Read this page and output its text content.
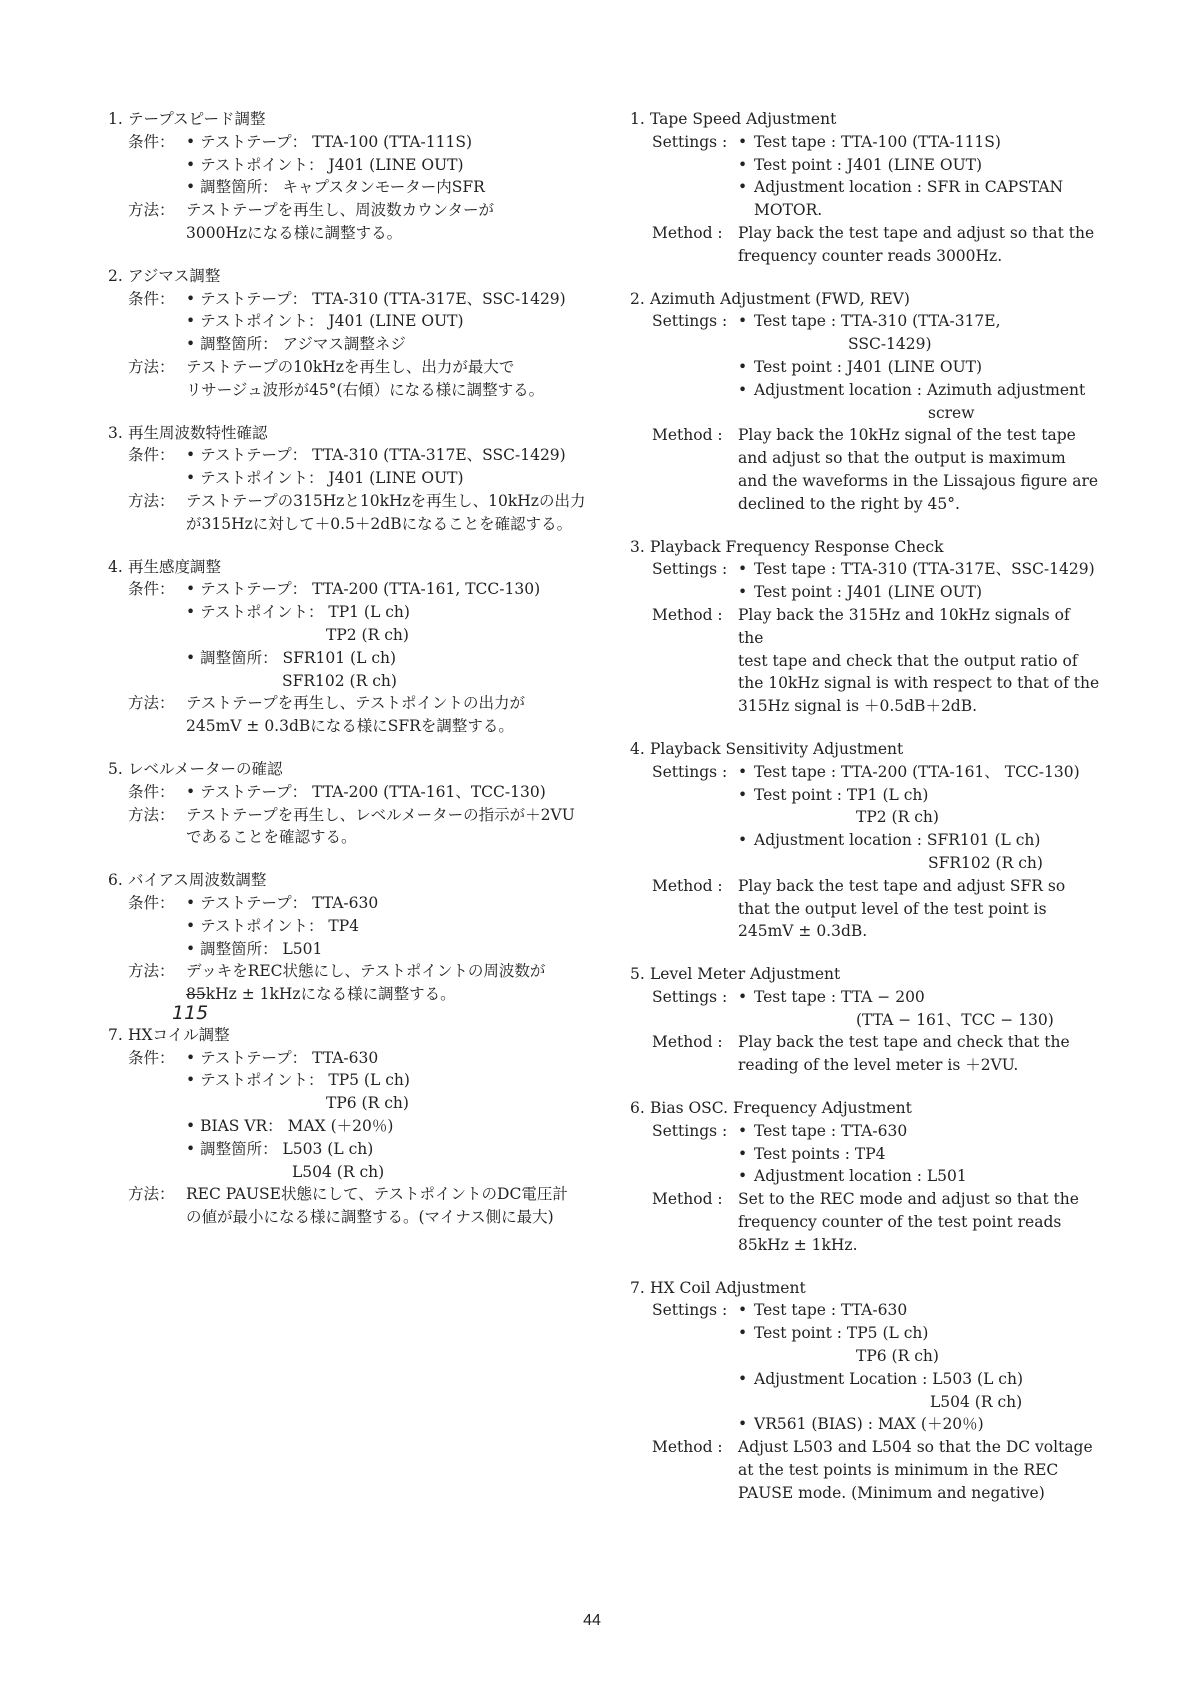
1. テープスピード調整
条件： • テストテープ： TTA-100 (TTA-111S)
• テストポイント： J401 (LINE OUT)
• 調整箇所： キャプスタンモーター内SFR
方法： テストテープを再生し、周波数カウンターが
3000Hzになる様に調整する。
2. アジマス調整
条件： • テストテープ： TTA-310 (TTA-317E、SSC-1429)
• テストポイント： J401 (LINE OUT)
• 調整箇所： アジマス調整ネジ
方法： テストテープの10kHzを再生し、出力が最大で
リサージュ波形が45°(右傾）になる様に調整する。
3. 再生周波数特性確認
条件： • テストテープ： TTA-310 (TTA-317E、SSC-1429)
• テストポイント： J401 (LINE OUT)
方法： テストテープの315Hzと10kHzを再生し、10kHzの出力
が315Hzに対して＋0.5＋2dBになることを確認する。
4. 再生感度調整
条件： • テストテープ： TTA-200 (TTA-161, TCC-130)
• テストポイント： TP1 (L ch)
TP2 (R ch)
• 調整箇所： SFR101 (L ch)
SFR102 (R ch)
方法： テストテープを再生し、テストポイントの出力が
245mV ± 0.3dBになる様にSFRを調整する。
5. レベルメーターの確認
条件： • テストテープ： TTA-200 (TTA-161、TCC-130)
方法： テストテープを再生し、レベルメーターの指示が＋2VU
であることを確認する。
6. バイアス周波数調整
条件： • テストテープ： TTA-630
• テストポイント： TP4
• 調整箇所： L501
方法： デッキをREC状態にし、テストポイントの周波数が
85kHz ± 1kHzになる様に調整する。
115
7. HXコイル調整
条件： • テストテープ： TTA-630
• テストポイント： TP5 (L ch)
TP6 (R ch)
• BIAS VR： MAX (＋20％)
• 調整箇所： L503 (L ch)
L504 (R ch)
方法： REC PAUSE状態にして、テストポイントのDC電圧計
の値が最小になる様に調整する。(マイナス側に最大)
1. Tape Speed Adjustment
Settings : • Test tape : TTA-100 (TTA-111S)
• Test point : J401 (LINE OUT)
• Adjustment location : SFR in CAPSTAN
MOTOR.
Method : Play back the test tape and adjust so that the
frequency counter reads 3000Hz.
2. Azimuth Adjustment (FWD, REV)
Settings : • Test tape : TTA-310 (TTA-317E,
SSC-1429)
• Test point : J401 (LINE OUT)
• Adjustment location : Azimuth adjustment
screw
Method : Play back the 10kHz signal of the test tape
and adjust so that the output is maximum
and the waveforms in the Lissajous figure are
declined to the right by 45°.
3. Playback Frequency Response Check
Settings : • Test tape : TTA-310 (TTA-317E、SSC-1429)
• Test point : J401 (LINE OUT)
Method : Play back the 315Hz and 10kHz signals of the
test tape and check that the output ratio of
the 10kHz signal is with respect to that of the
315Hz signal is ＋0.5dB＋2dB.
4. Playback Sensitivity Adjustment
Settings : • Test tape : TTA-200 (TTA-161、 TCC-130)
• Test point : TP1 (L ch)
TP2 (R ch)
• Adjustment location : SFR101 (L ch)
SFR102 (R ch)
Method : Play back the test tape and adjust SFR so
that the output level of the test point is
245mV ± 0.3dB.
5. Level Meter Adjustment
Settings : • Test tape : TTA − 200
(TTA − 161、TCC − 130)
Method : Play back the test tape and check that the
reading of the level meter is ＋2VU.
6. Bias OSC. Frequency Adjustment
Settings : • Test tape : TTA-630
• Test points : TP4
• Adjustment location : L501
Method : Set to the REC mode and adjust so that the
frequency counter of the test point reads
85kHz ± 1kHz.
7. HX Coil Adjustment
Settings : • Test tape : TTA-630
• Test point : TP5 (L ch)
TP6 (R ch)
• Adjustment Location : L503 (L ch)
L504 (R ch)
• VR561 (BIAS) : MAX (＋20％)
Method : Adjust L503 and L504 so that the DC voltage
at the test points is minimum in the REC
PAUSE mode. (Minimum and negative)
44
